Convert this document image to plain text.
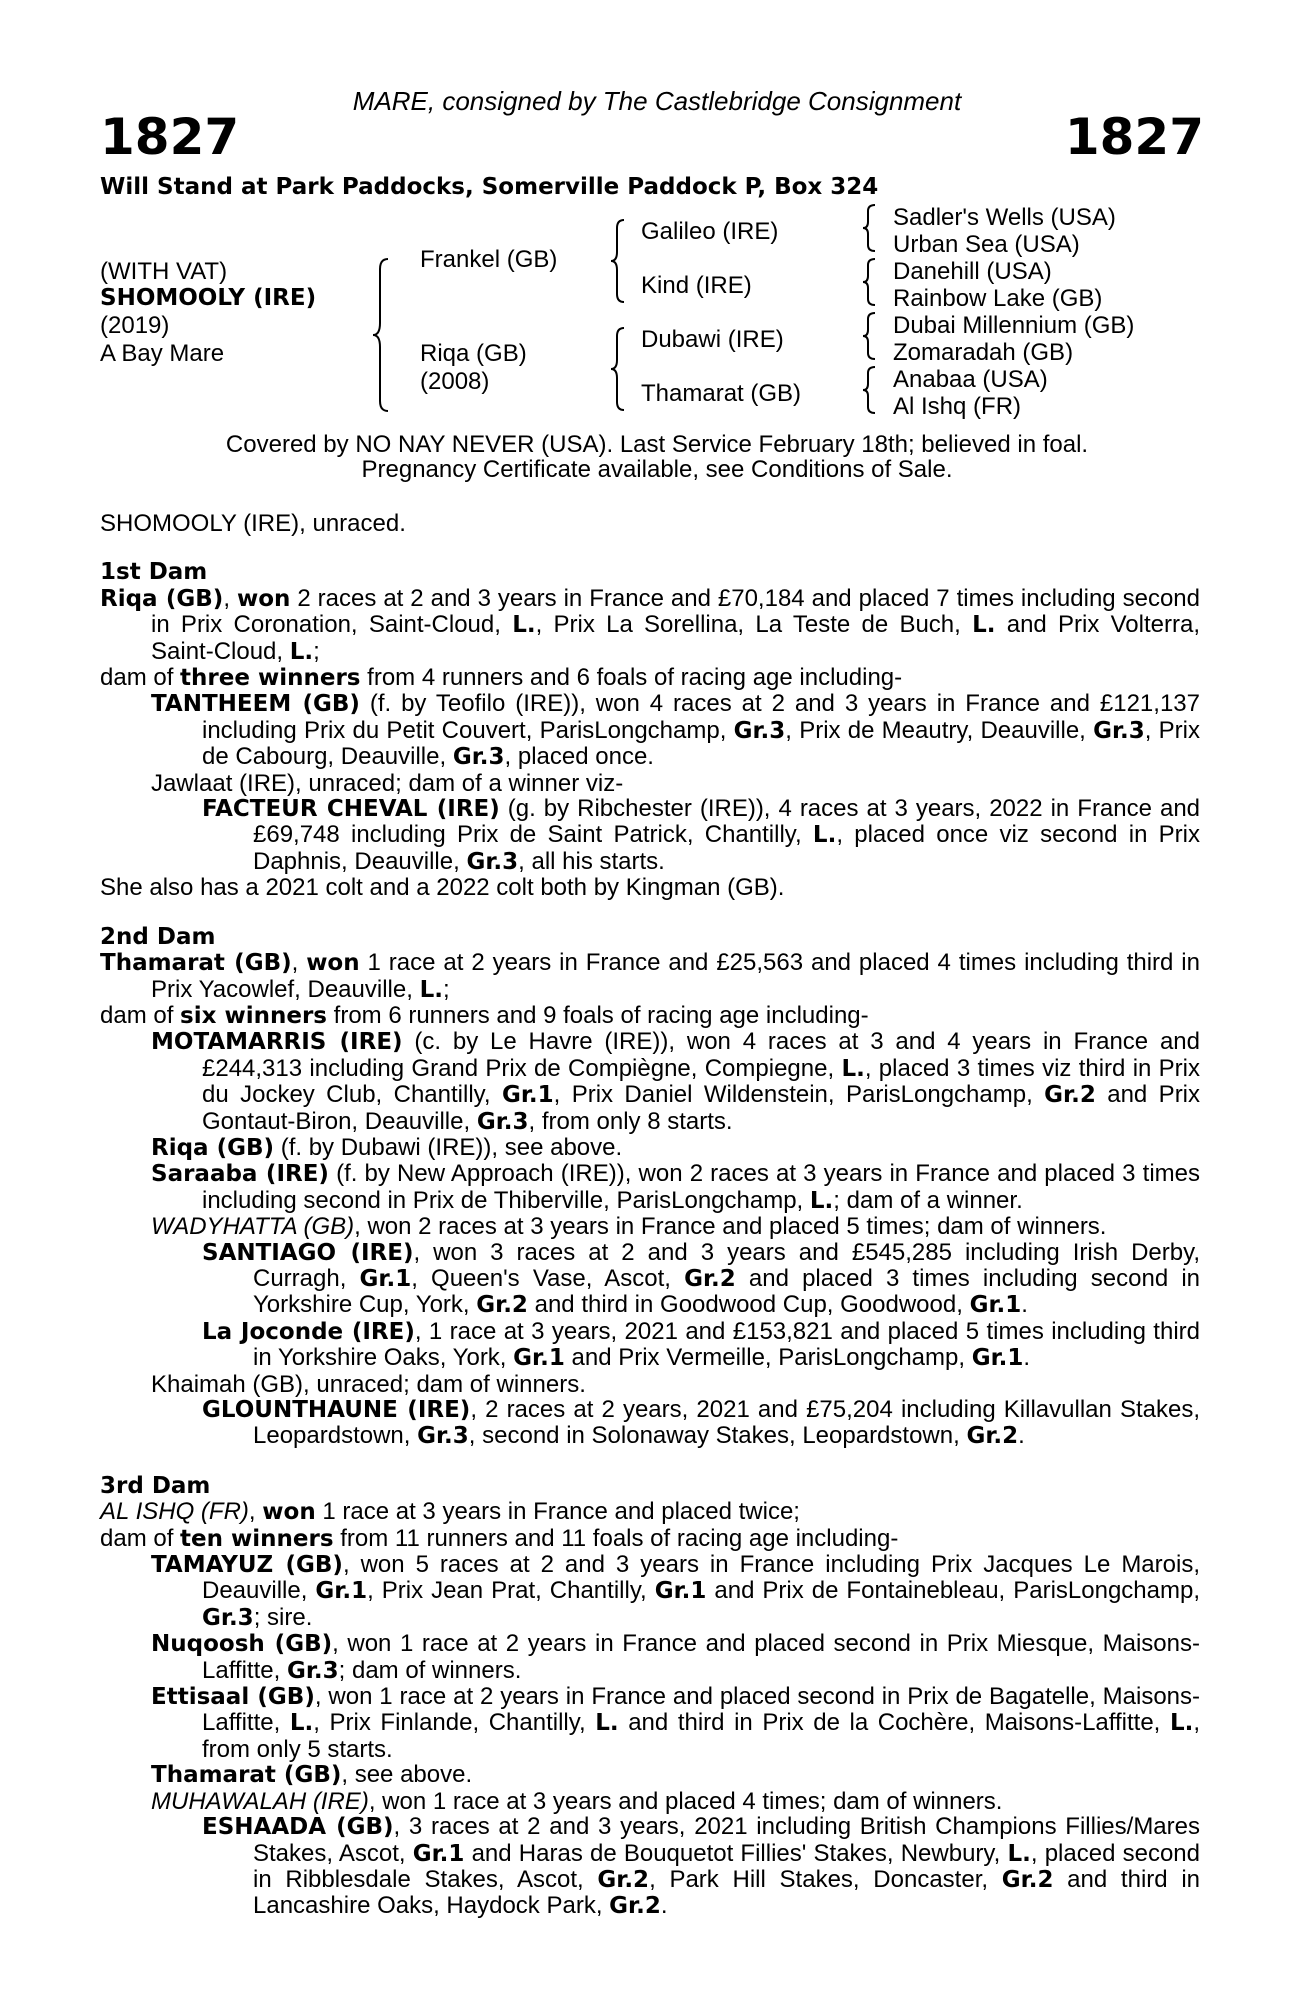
MARE, consigned by The Castlebridge Consignment
1827	1827
Will Stand at Park Paddocks, Somerville Paddock P, Box 324
(WITH VAT)
SHOMOOLY (IRE)
(2019)
A Bay Mare
Frankel (GB)
Riqa (GB)
(2008)
Galileo (IRE)
Kind (IRE)
Dubawi (IRE)
Thamarat (GB)
Sadler's Wells (USA)
Urban Sea (USA)
Danehill (USA)
Rainbow Lake (GB)
Dubai Millennium (GB)
Zomaradah (GB)
Anabaa (USA)
Al Ishq (FR)
Covered by NO NAY NEVER (USA). Last Service February 18th; believed in foal.
Pregnancy Certificate available, see Conditions of Sale.

SHOMOOLY (IRE), unraced.

1st Dam

Riqa (GB), won 2 races at 2 and 3 years in France and £70,184 and placed 7 times including second in Prix Coronation, Saint-Cloud, L., Prix La Sorellina, La Teste de Buch, L. and Prix Volterra, Saint-Cloud, L.;

dam of three winners from 4 runners and 6 foals of racing age including-

TANTHEEM (GB) (f. by Teofilo (IRE)), won 4 races at 2 and 3 years in France and £121,137 including Prix du Petit Couvert, ParisLongchamp, Gr.3, Prix de Meautry, Deauville, Gr.3, Prix de Cabourg, Deauville, Gr.3, placed once.

Jawlaat (IRE), unraced; dam of a winner viz-

FACTEUR CHEVAL (IRE) (g. by Ribchester (IRE)), 4 races at 3 years, 2022 in France and £69,748 including Prix de Saint Patrick, Chantilly, L., placed once viz second in Prix Daphnis, Deauville, Gr.3, all his starts.

She also has a 2021 colt and a 2022 colt both by Kingman (GB).

2nd Dam

Thamarat (GB), won 1 race at 2 years in France and £25,563 and placed 4 times including third in Prix Yacowlef, Deauville, L.;

dam of six winners from 6 runners and 9 foals of racing age including-

MOTAMARRIS (IRE) (c. by Le Havre (IRE)), won 4 races at 3 and 4 years in France and £244,313 including Grand Prix de Compiègne, Compiegne, L., placed 3 times viz third in Prix du Jockey Club, Chantilly, Gr.1, Prix Daniel Wildenstein, ParisLongchamp, Gr.2 and Prix Gontaut-Biron, Deauville, Gr.3, from only 8 starts.

Riqa (GB) (f. by Dubawi (IRE)), see above.

Saraaba (IRE) (f. by New Approach (IRE)), won 2 races at 3 years in France and placed 3 times including second in Prix de Thiberville, ParisLongchamp, L.; dam of a winner.

WADYHATTA (GB), won 2 races at 3 years in France and placed 5 times; dam of winners.

SANTIAGO (IRE), won 3 races at 2 and 3 years and £545,285 including Irish Derby, Curragh, Gr.1, Queen's Vase, Ascot, Gr.2 and placed 3 times including second in Yorkshire Cup, York, Gr.2 and third in Goodwood Cup, Goodwood, Gr.1.

La Joconde (IRE), 1 race at 3 years, 2021 and £153,821 and placed 5 times including third in Yorkshire Oaks, York, Gr.1 and Prix Vermeille, ParisLongchamp, Gr.1.

Khaimah (GB), unraced; dam of winners.

GLOUNTHAUNE (IRE), 2 races at 2 years, 2021 and £75,204 including Killavullan Stakes, Leopardstown, Gr.3, second in Solonaway Stakes, Leopardstown, Gr.2.

3rd Dam

AL ISHQ (FR), won 1 race at 3 years in France and placed twice;

dam of ten winners from 11 runners and 11 foals of racing age including-

TAMAYUZ (GB), won 5 races at 2 and 3 years in France including Prix Jacques Le Marois, Deauville, Gr.1, Prix Jean Prat, Chantilly, Gr.1 and Prix de Fontainebleau, ParisLongchamp, Gr.3; sire.

Nuqoosh (GB), won 1 race at 2 years in France and placed second in Prix Miesque, Maisons-Laffitte, Gr.3; dam of winners.

Ettisaal (GB), won 1 race at 2 years in France and placed second in Prix de Bagatelle, Maisons-Laffitte, L., Prix Finlande, Chantilly, L. and third in Prix de la Cochère, Maisons-Laffitte, L., from only 5 starts.

Thamarat (GB), see above.

MUHAWALAH (IRE), won 1 race at 3 years and placed 4 times; dam of winners.

ESHAADA (GB), 3 races at 2 and 3 years, 2021 including British Champions Fillies/Mares Stakes, Ascot, Gr.1 and Haras de Bouquetot Fillies' Stakes, Newbury, L., placed second in Ribblesdale Stakes, Ascot, Gr.2, Park Hill Stakes, Doncaster, Gr.2 and third in Lancashire Oaks, Haydock Park, Gr.2.
